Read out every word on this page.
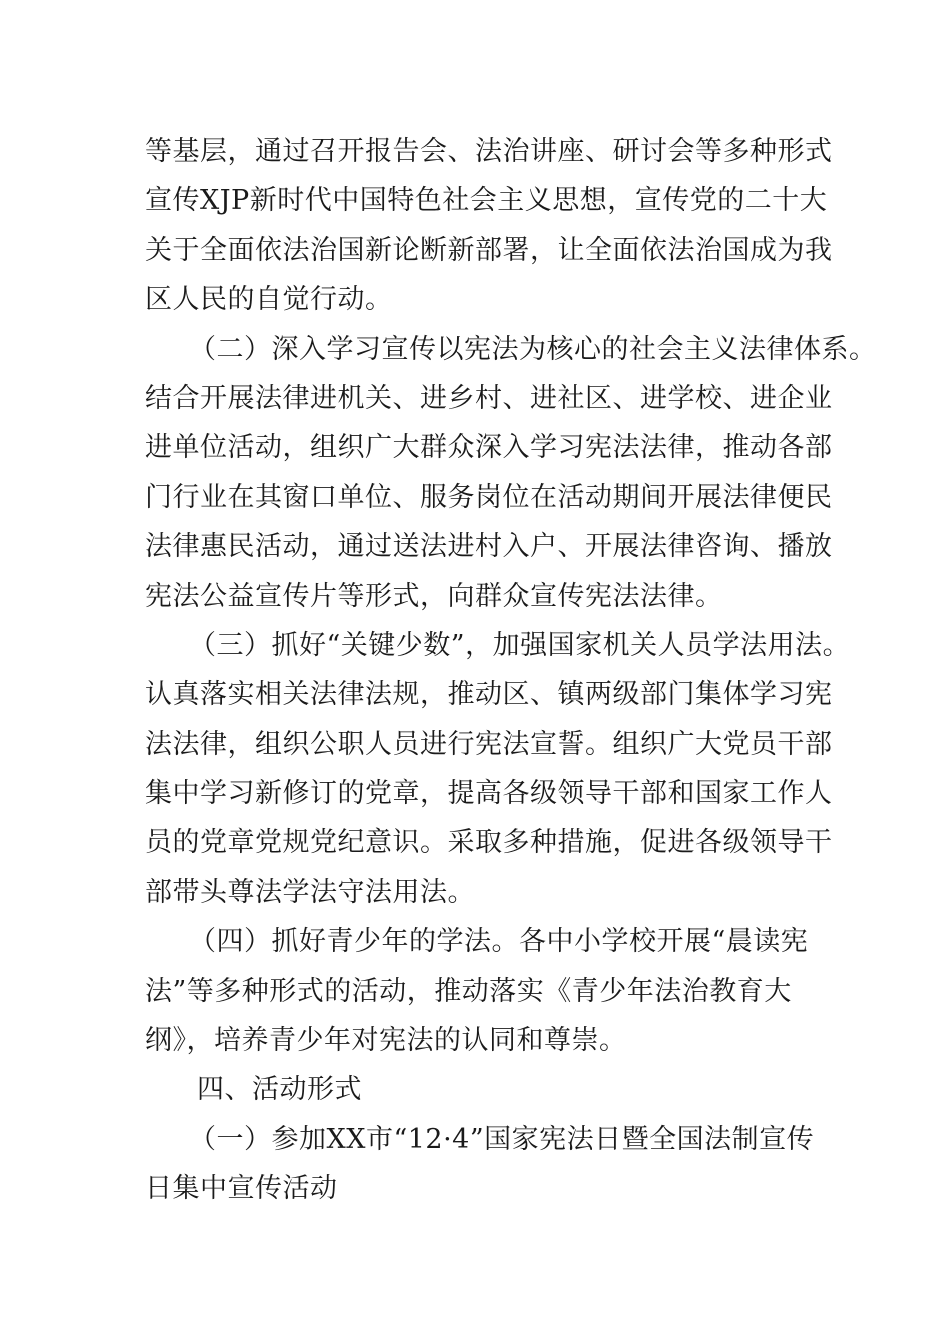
等基层，通过召开报告会、法治讲座、研讨会等多种形式
宣传XJP新时代中国特色社会主义思想，宣传党的二十大
关于全面依法治国新论断新部署，让全面依法治国成为我
区人民的自觉行动。
（二）深入学习宣传以宪法为核心的社会主义法律体系。
结合开展法律进机关、进乡村、进社区、进学校、进企业
进单位活动，组织广大群众深入学习宪法法律，推动各部
门行业在其窗口单位、服务岗位在活动期间开展法律便民
法律惠民活动，通过送法进村入户、开展法律咨询、播放
宪法公益宣传片等形式，向群众宣传宪法法律。
（三）抓好“关键少数”，加强国家机关人员学法用法。
认真落实相关法律法规，推动区、镇两级部门集体学习宪
法法律，组织公职人员进行宪法宣誓。组织广大党员干部
集中学习新修订的党章，提高各级领导干部和国家工作人
员的党章党规党纪意识。采取多种措施，促进各级领导干
部带头尊法学法守法用法。
（四）抓好青少年的学法。各中小学校开展“晨读宪
法”等多种形式的活动，推动落实《青少年法治教育大
纲》，培养青少年对宪法的认同和尊崇。
四、活动形式
（一）参加XX市“12·4”国家宪法日暨全国法制宣传
日集中宣传活动
